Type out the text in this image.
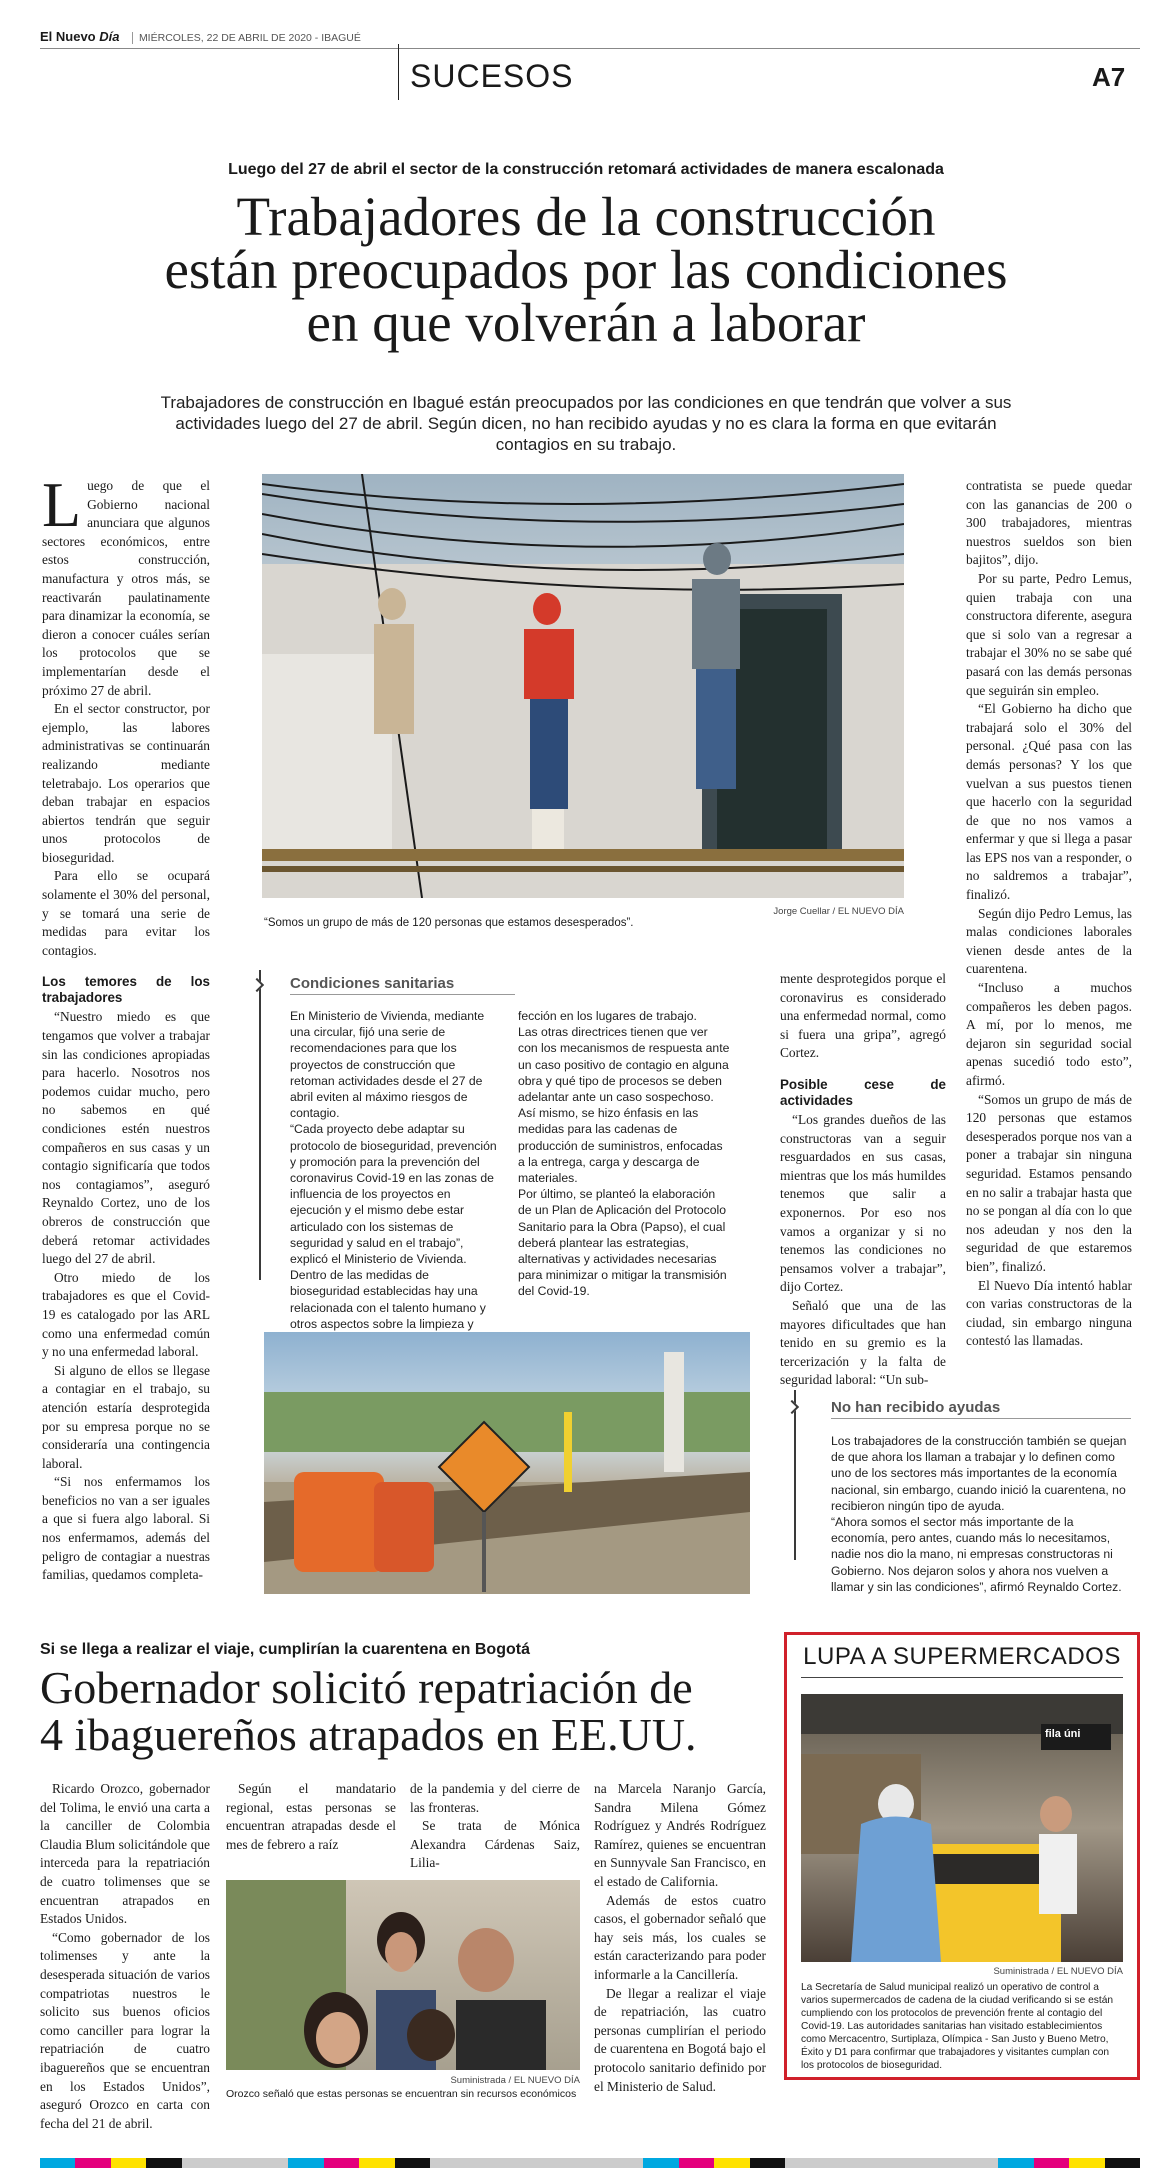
El Nuevo Día MIÉRCOLES, 22 DE ABRIL DE 2020 - IBAGUÉ
SUCESOS	A7
Luego del 27 de abril el sector de la construcción retomará actividades de manera escalonada
Trabajadores de la construcción
están preocupados por las condiciones
en que volverán a laborar
Trabajadores de construcción en Ibagué están preocupados por las condiciones en que tendrán que volver a sus
actividades luego del 27 de abril. Según dicen, no han recibido ayudas y no es clara la forma en que evitarán
contagios en su trabajo.

Luego de que el Gobierno nacional anunciara que algunos sectores económicos, entre estos construcción, manufactura y otros más, se reactivarán paulatinamente para dinamizar la economía, se dieron a conocer cuáles serían los protocolos que se implementarían desde el próximo 27 de abril.

En el sector constructor, por ejemplo, las labores administrativas se continuarán realizando mediante teletrabajo. Los operarios que deban trabajar en espacios abiertos tendrán que seguir unos protocolos de bioseguridad.

Para ello se ocupará solamente el 30% del personal, y se tomará una serie de medidas para evitar los contagios.

Los temores de los trabajadores

“Nuestro miedo es que tengamos que volver a trabajar sin las condiciones apropiadas para hacerlo. Nosotros nos podemos cuidar mucho, pero no sabemos en qué condiciones estén nuestros compañeros en sus casas y un contagio significaría que todos nos contagiamos”, aseguró Reynaldo Cortez, uno de los obreros de construcción que deberá retomar actividades luego del 27 de abril.

Otro miedo de los trabajadores es que el Covid-19 es catalogado por las ARL como una enfermedad común y no una enfermedad laboral.

Si alguno de ellos se llegase a contagiar en el trabajo, su atención estaría desprotegida por su empresa porque no se consideraría una contingencia laboral.

“Si nos enfermamos los beneficios no van a ser iguales a que si fuera algo laboral. Si nos enfermamos, además del peligro de contagiar a nuestras familias, quedamos completa-

“Somos un grupo de más de 120 personas que estamos desesperados”.
Jorge Cuellar / EL NUEVO DÍA
Condiciones sanitarias

En Ministerio de Vivienda, mediante una circular, fijó una serie de recomendaciones para que los proyectos de construcción que retoman actividades desde el 27 de abril eviten al máximo riesgos de contagio.

“Cada proyecto debe adaptar su protocolo de bioseguridad, prevención y promoción para la prevención del coronavirus Covid-19 en las zonas de influencia de los proyectos en ejecución y el mismo debe estar articulado con los sistemas de seguridad y salud en el trabajo”, explicó el Ministerio de Vivienda.

Dentro de las medidas de bioseguridad establecidas hay una relacionada con el talento humano y otros aspectos sobre la limpieza y

fección en los lugares de trabajo.

Las otras directrices tienen que ver con los mecanismos de respuesta ante un caso positivo de contagio en alguna obra y qué tipo de procesos se deben adelantar ante un caso sospechoso.

Así mismo, se hizo énfasis en las medidas para las cadenas de producción de suministros, enfocadas a la entrega, carga y descarga de materiales.

Por último, se planteó la elaboración de un Plan de Aplicación del Protocolo Sanitario para la Obra (Papso), el cual deberá plantear las estrategias, alternativas y actividades necesarias para minimizar o mitigar la transmisión del Covid-19.

mente desprotegidos porque el coronavirus es considerado una enfermedad normal, como si fuera una gripa”, agregó Cortez.

Posible cese de actividades

“Los grandes dueños de las constructoras van a seguir resguardados en sus casas, mientras que los más humildes tenemos que salir a exponernos. Por eso nos vamos a organizar y si no tenemos las condiciones no pensamos volver a trabajar”, dijo Cortez.

Señaló que una de las mayores dificultades que han tenido en su gremio es la tercerización y la falta de seguridad laboral: “Un sub-

contratista se puede quedar con las ganancias de 200 o 300 trabajadores, mientras nuestros sueldos son bien bajitos”, dijo.

Por su parte, Pedro Lemus, quien trabaja con una constructora diferente, asegura que si solo van a regresar a trabajar el 30% no se sabe qué pasará con las demás personas que seguirán sin empleo.

“El Gobierno ha dicho que trabajará solo el 30% del personal. ¿Qué pasa con las demás personas? Y los que vuelvan a sus puestos tienen que hacerlo con la seguridad de que no nos vamos a enfermar y que si llega a pasar las EPS nos van a responder, o no saldremos a trabajar”, finalizó.

Según dijo Pedro Lemus, las malas condiciones laborales vienen desde antes de la cuarentena.

“Incluso a muchos compañeros les deben pagos. A mí, por lo menos, me dejaron sin seguridad social apenas sucedió todo esto”, afirmó.

“Somos un grupo de más de 120 personas que estamos desesperados porque nos van a poner a trabajar sin ninguna seguridad. Estamos pensando en no salir a trabajar hasta que no se pongan al día con lo que nos adeudan y nos den la seguridad de que estaremos bien”, finalizó.

El Nuevo Día intentó hablar con varias constructoras de la ciudad, sin embargo ninguna contestó las llamadas.

No han recibido ayudas

Los trabajadores de la construcción también se quejan de que ahora los llaman a trabajar y lo definen como uno de los sectores más importantes de la economía nacional, sin embargo, cuando inició la cuarentena, no recibieron ningún tipo de ayuda.

“Ahora somos el sector más importante de la economía, pero antes, cuando más lo necesitamos, nadie nos dio la mano, ni empresas constructoras ni Gobierno. Nos dejaron solos y ahora nos vuelven a llamar y sin las condiciones”, afirmó Reynaldo Cortez.

Si se llega a realizar el viaje, cumplirían la cuarentena en Bogotá
Gobernador solicitó repatriación de
4 ibaguereños atrapados en EE.UU.

Ricardo Orozco, gobernador del Tolima, le envió una carta a la canciller de Colombia Claudia Blum solicitándole que interceda para la repatriación de cuatro tolimenses que se encuentran atrapados en Estados Unidos.

“Como gobernador de los tolimenses y ante la desesperada situación de varios compatriotas nuestros le solicito sus buenos oficios como canciller para lograr la repatriación de cuatro ibaguereños que se encuentran en los Estados Unidos”, aseguró Orozco en carta con fecha del 21 de abril.

Según el mandatario regional, estas personas se encuentran atrapadas desde el mes de febrero a raíz

de la pandemia y del cierre de las fronteras.

Se trata de Mónica Alexandra Cárdenas Saiz, Lilia-

na Marcela Naranjo García, Sandra Milena Gómez Rodríguez y Andrés Rodríguez Ramírez, quienes se encuentran en Sunnyvale San Francisco, en el estado de California.

Además de estos cuatro casos, el gobernador señaló que hay seis más, los cuales se están caracterizando para poder informarle a la Cancillería.

De llegar a realizar el viaje de repatriación, las cuatro personas cumplirían el periodo de cuarentena en Bogotá bajo el protocolo sanitario definido por el Ministerio de Salud.

Suministrada / EL NUEVO DÍA
Orozco señaló que estas personas se encuentran sin recursos económicos
LUPA A SUPERMERCADOS
fila úni
Suministrada / EL NUEVO DÍA
La Secretaría de Salud municipal realizó un operativo de control a varios supermercados de cadena de la ciudad verificando si se están cumpliendo con los protocolos de prevención frente al contagio del Covid-19. Las autoridades sanitarias han visitado establecimientos como Mercacentro, Surtiplaza, Olímpica - San Justo y Bueno Metro, Éxito y D1 para confirmar que trabajadores y visitantes cumplan con los protocolos de bioseguridad.
